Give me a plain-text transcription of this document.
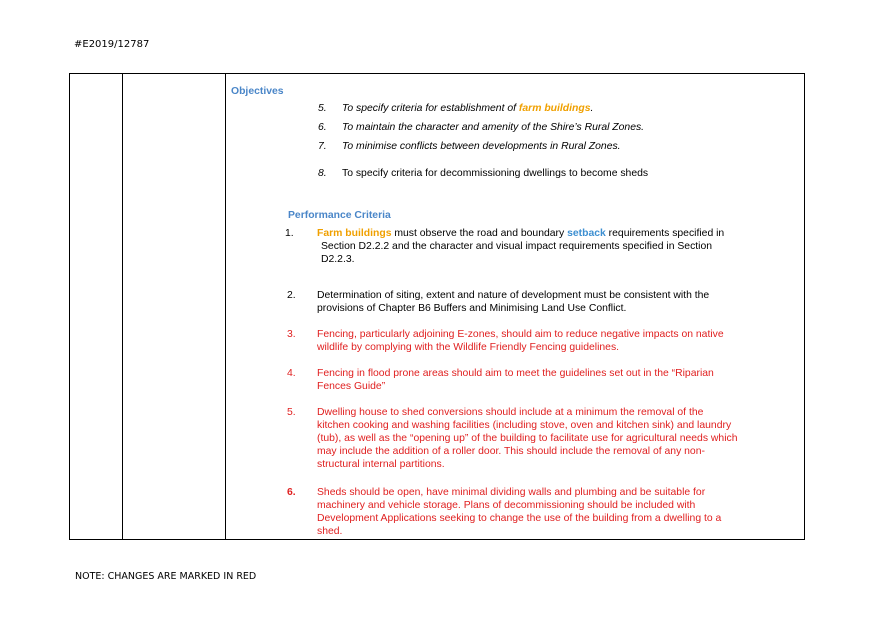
#E2019/12787
Objectives
5. To specify criteria for establishment of farm buildings.
6. To maintain the character and amenity of the Shire’s Rural Zones.
7. To minimise conflicts between developments in Rural Zones.
8. To specify criteria for decommissioning dwellings to become sheds
Performance Criteria
1. Farm buildings must observe the road and boundary setback requirements specified in
Section D2.2.2 and the character and visual impact requirements specified in Section
D2.2.3.
2. Determination of siting, extent and nature of development must be consistent with the
provisions of Chapter B6 Buffers and Minimising Land Use Conflict.
3. Fencing, particularly adjoining E-zones, should aim to reduce negative impacts on native
wildlife by complying with the Wildlife Friendly Fencing guidelines.
4. Fencing in flood prone areas should aim to meet the guidelines set out in the “Riparian
Fences Guide”
5. Dwelling house to shed conversions should include at a minimum the removal of the
kitchen cooking and washing facilities (including stove, oven and kitchen sink) and laundry
(tub), as well as the “opening up” of the building to facilitate use for agricultural needs which
may include the addition of a roller door. This should include the removal of any non-
structural internal partitions.
6. Sheds should be open, have minimal dividing walls and plumbing and be suitable for
machinery and vehicle storage. Plans of decommissioning should be included with
Development Applications seeking to change the use of the building from a dwelling to a
shed.
NOTE: CHANGES ARE MARKED IN RED
